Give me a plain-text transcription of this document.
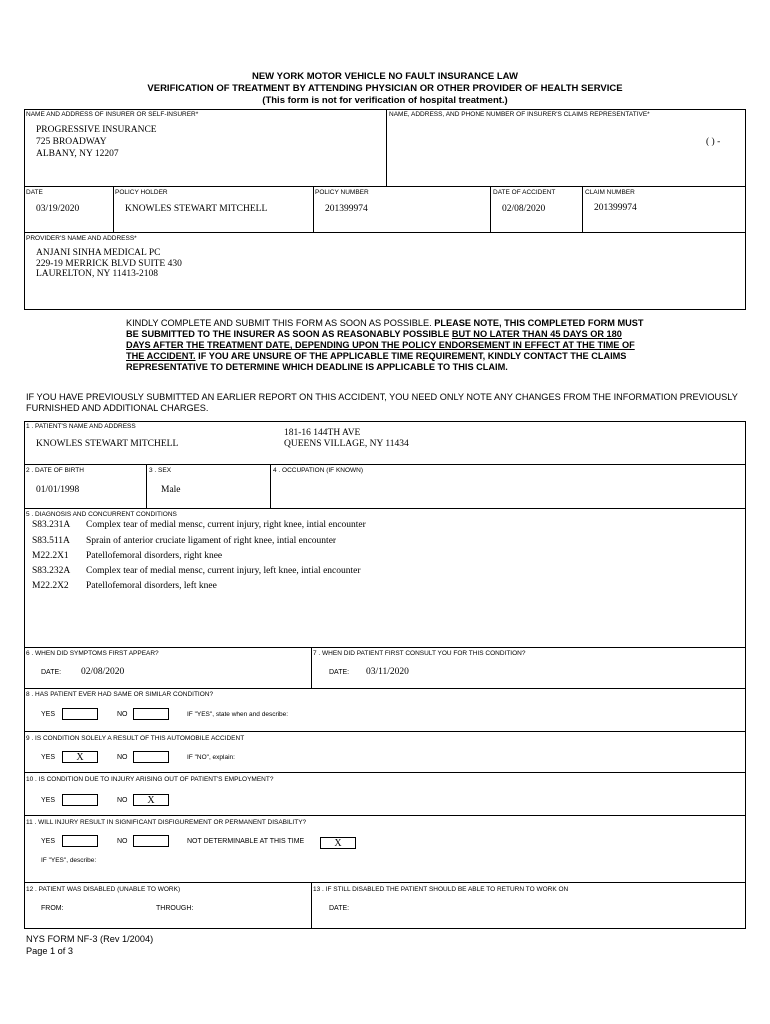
NEW YORK MOTOR VEHICLE NO FAULT INSURANCE LAW
VERIFICATION OF TREATMENT BY ATTENDING PHYSICIAN OR OTHER PROVIDER OF HEALTH SERVICE
(This form is not for verification of hospital treatment.)
NAME AND ADDRESS OF INSURER OR SELF-INSURER*
PROGRESSIVE INSURANCE
725 BROADWAY
ALBANY, NY 12207
NAME, ADDRESS, AND PHONE NUMBER OF INSURER'S CLAIMS REPRESENTATIVE*
( ) -
DATE
03/19/2020
POLICY HOLDER
KNOWLES STEWART MITCHELL
POLICY NUMBER
201399974
DATE OF ACCIDENT
02/08/2020
CLAIM NUMBER
201399974
PROVIDER'S NAME AND ADDRESS*
ANJANI SINHA MEDICAL PC
229-19 MERRICK BLVD SUITE 430
LAURELTON, NY 11413-2108
KINDLY COMPLETE AND SUBMIT THIS FORM AS SOON AS POSSIBLE. PLEASE NOTE, THIS COMPLETED FORM MUST BE SUBMITTED TO THE INSURER AS SOON AS REASONABLY POSSIBLE BUT NO LATER THAN 45 DAYS OR 180 DAYS AFTER THE TREATMENT DATE, DEPENDING UPON THE POLICY ENDORSEMENT IN EFFECT AT THE TIME OF THE ACCIDENT. IF YOU ARE UNSURE OF THE APPLICABLE TIME REQUIREMENT, KINDLY CONTACT THE CLAIMS REPRESENTATIVE TO DETERMINE WHICH DEADLINE IS APPLICABLE TO THIS CLAIM.
IF YOU HAVE PREVIOUSLY SUBMITTED AN EARLIER REPORT ON THIS ACCIDENT, YOU NEED ONLY NOTE ANY CHANGES FROM THE INFORMATION PREVIOUSLY FURNISHED AND ADDITIONAL CHARGES.
1 . PATIENT'S NAME AND ADDRESS
KNOWLES STEWART MITCHELL
181-16 144TH AVE
QUEENS VILLAGE, NY 11434
2 . DATE OF BIRTH
01/01/1998
3 . SEX
Male
4 . OCCUPATION (IF KNOWN)
5 . DIAGNOSIS AND CONCURRENT CONDITIONS
S83.231A Complex tear of medial mensc, current injury, right knee, intial encounter
S83.511A Sprain of anterior cruciate ligament of right knee, intial encounter
M22.2X1 Patellofemoral disorders, right knee
S83.232A Complex tear of medial mensc, current injury, left knee, intial encounter
M22.2X2 Patellofemoral disorders, left knee
6 . WHEN DID SYMPTOMS FIRST APPEAR?
DATE: 02/08/2020
7 . WHEN DID PATIENT FIRST CONSULT YOU FOR THIS CONDITION?
DATE: 03/11/2020
8 . HAS PATIENT EVER HAD SAME OR SIMILAR CONDITION?
YES	NO	IF "YES", state when and describe:
9 . IS CONDITION SOLELY A RESULT OF THIS AUTOMOBILE ACCIDENT
YES	X	NO	IF "NO", explain:
10 . IS CONDITION DUE TO INJURY ARISING OUT OF PATIENT'S EMPLOYMENT?
YES	NO	X
11 . WILL INJURY RESULT IN SIGNIFICANT DISFIGUREMENT OR PERMANENT DISABILITY?
YES	NO	NOT DETERMINABLE AT THIS TIME	X
IF "YES", describe:
12 . PATIENT WAS DISABLED (UNABLE TO WORK)
FROM:	THROUGH:
13 . IF STILL DISABLED THE PATIENT SHOULD BE ABLE TO RETURN TO WORK ON
DATE:
NYS FORM NF-3 (Rev 1/2004)
Page 1 of 3
